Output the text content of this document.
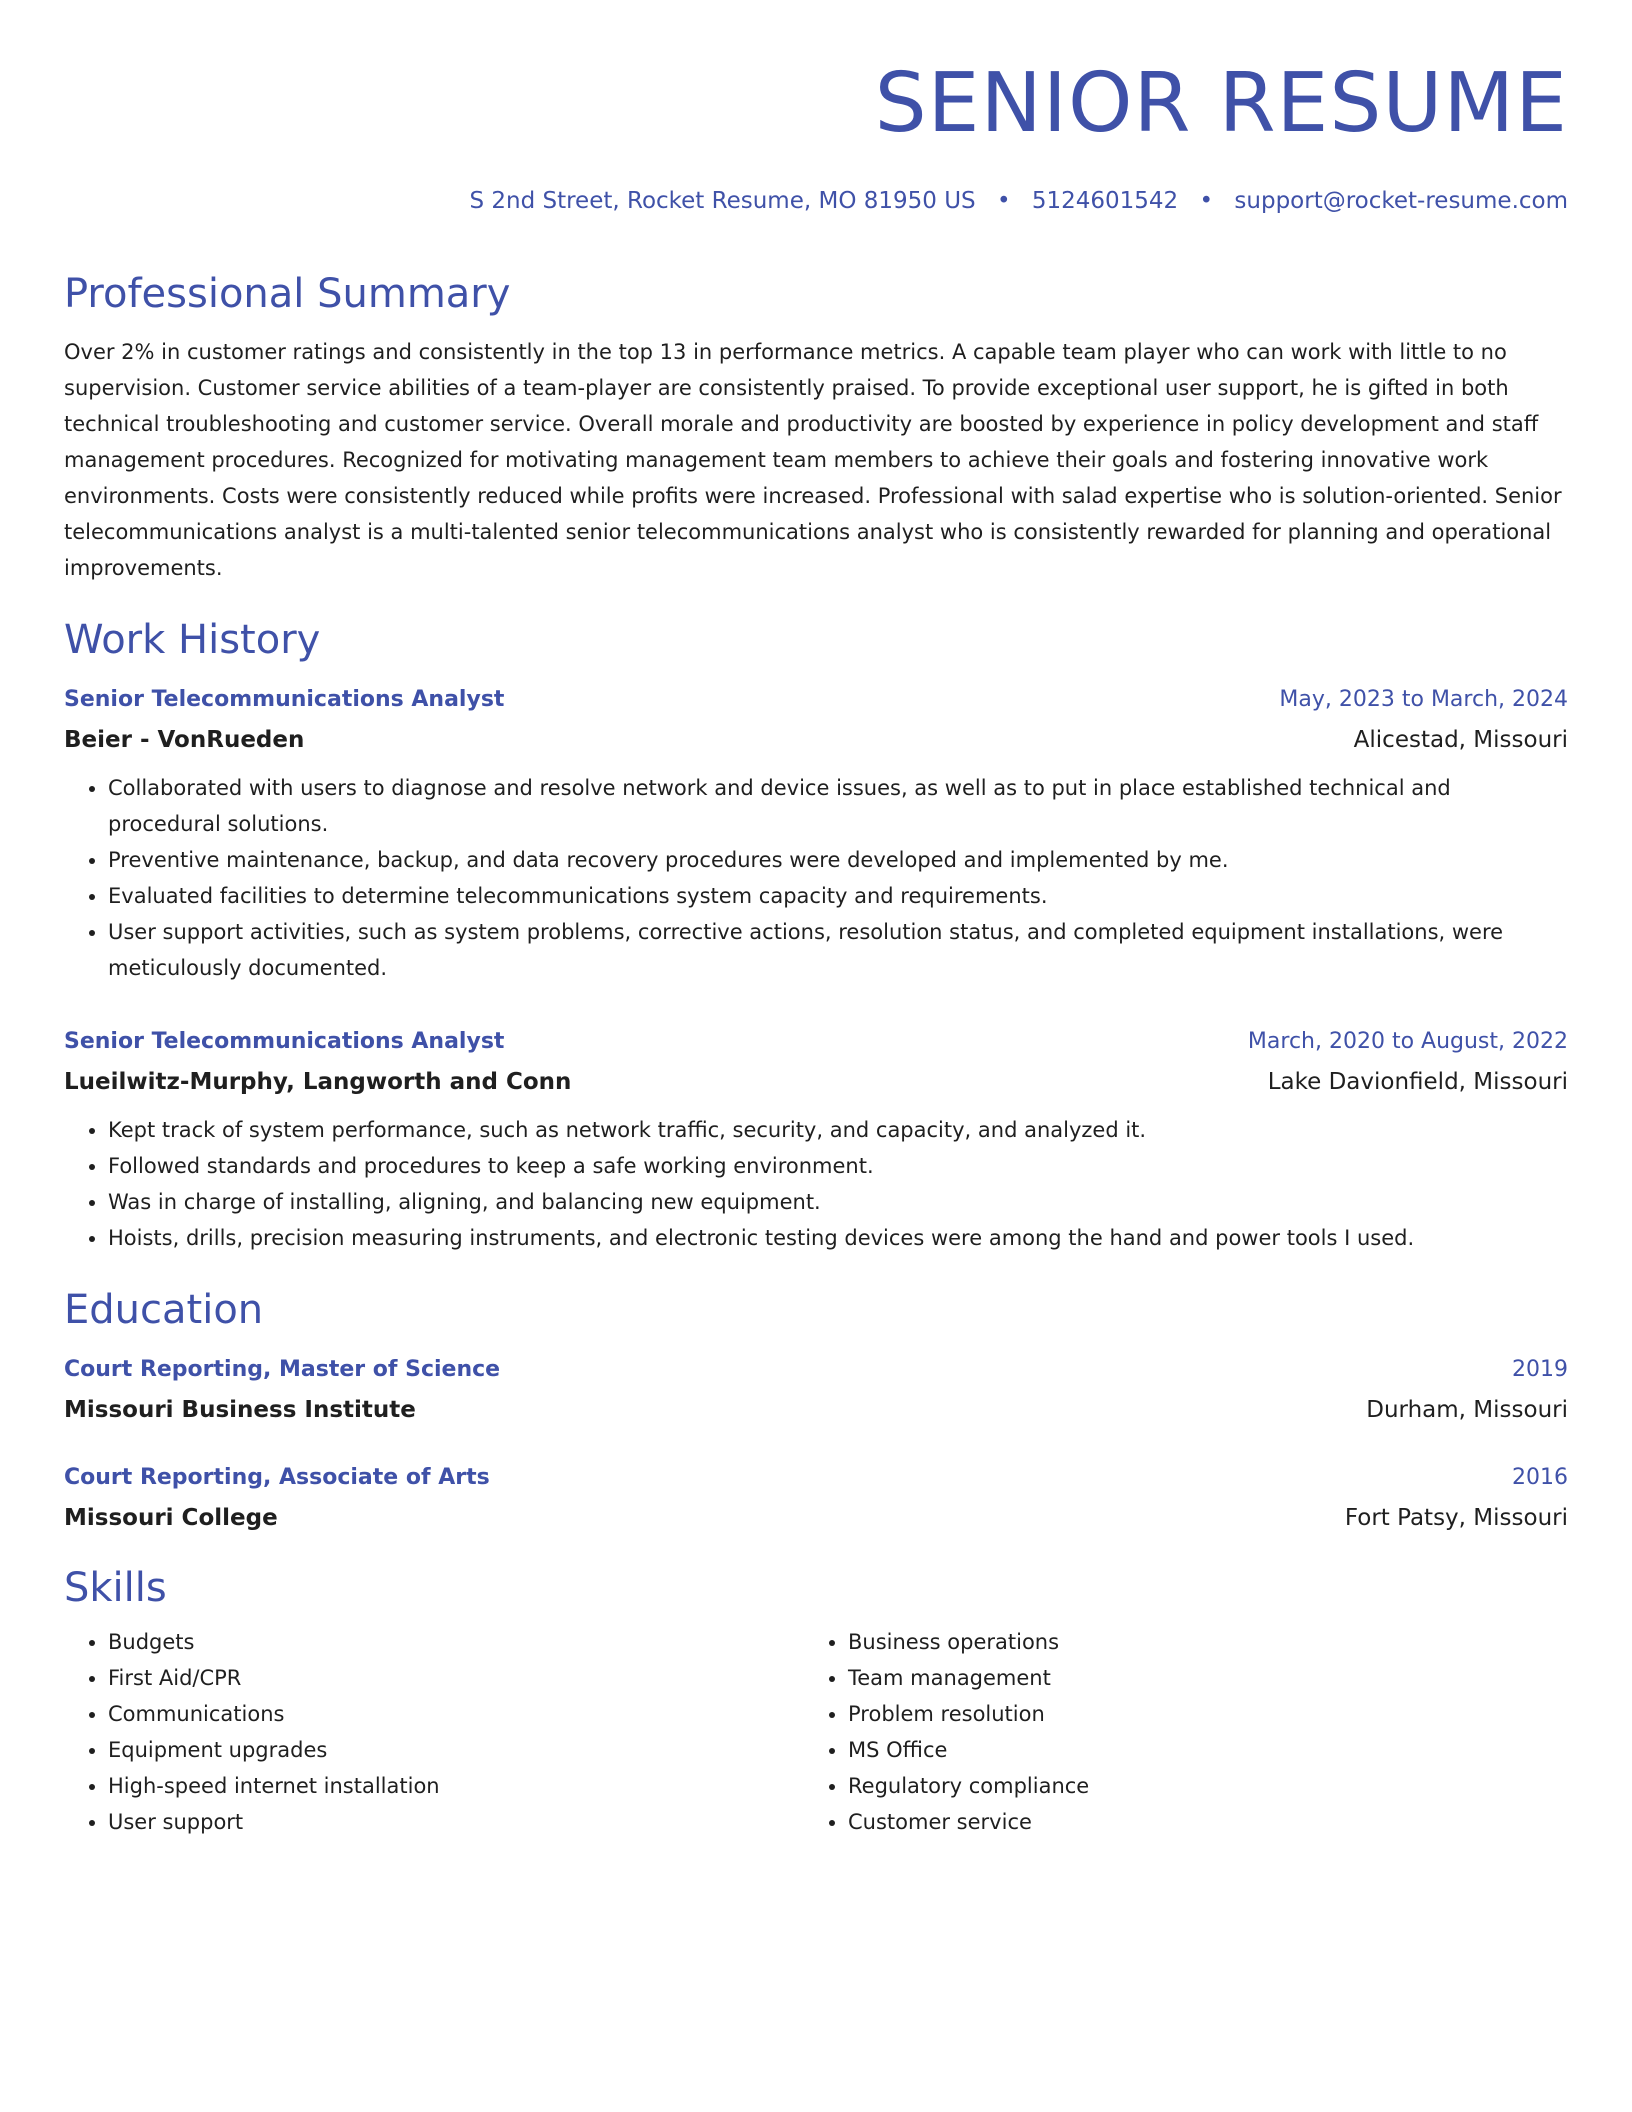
SENIOR RESUME
S 2nd Street, Rocket Resume, MO 81950 US • 5124601542 • support@rocket-resume.com
Professional Summary
Over 2% in customer ratings and consistently in the top 13 in performance metrics. A capable team player who can work with little to no supervision. Customer service abilities of a team-player are consistently praised. To provide exceptional user support, he is gifted in both technical troubleshooting and customer service. Overall morale and productivity are boosted by experience in policy development and staff management procedures. Recognized for motivating management team members to achieve their goals and fostering innovative work environments. Costs were consistently reduced while profits were increased. Professional with salad expertise who is solution-oriented. Senior telecommunications analyst is a multi-talented senior telecommunications analyst who is consistently rewarded for planning and operational improvements.
Work History
Senior Telecommunications Analyst	May, 2023 to March, 2024
Beier - VonRueden	Alicestad, Missouri
• Collaborated with users to diagnose and resolve network and device issues, as well as to put in place established technical and procedural solutions.
• Preventive maintenance, backup, and data recovery procedures were developed and implemented by me.
• Evaluated facilities to determine telecommunications system capacity and requirements.
• User support activities, such as system problems, corrective actions, resolution status, and completed equipment installations, were meticulously documented.
Senior Telecommunications Analyst	March, 2020 to August, 2022
Lueilwitz-Murphy, Langworth and Conn	Lake Davionfield, Missouri
• Kept track of system performance, such as network traffic, security, and capacity, and analyzed it.
• Followed standards and procedures to keep a safe working environment.
• Was in charge of installing, aligning, and balancing new equipment.
• Hoists, drills, precision measuring instruments, and electronic testing devices were among the hand and power tools I used.
Education
Court Reporting, Master of Science	2019
Missouri Business Institute	Durham, Missouri
Court Reporting, Associate of Arts	2016
Missouri College	Fort Patsy, Missouri
Skills
• Budgets
• First Aid/CPR
• Communications
• Equipment upgrades
• High-speed internet installation
• User support
• Business operations
• Team management
• Problem resolution
• MS Office
• Regulatory compliance
• Customer service
